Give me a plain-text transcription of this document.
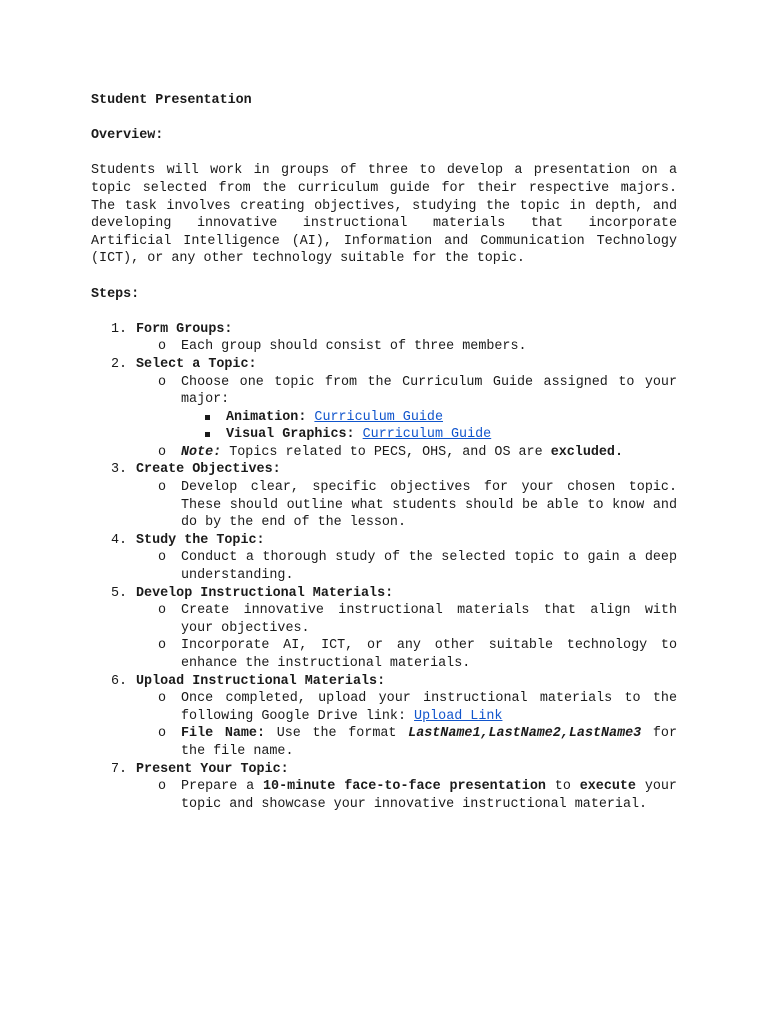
Student Presentation

Overview:

Students will work in groups of three to develop a presentation on a topic selected from the curriculum guide for their respective majors. The task involves creating objectives, studying the topic in depth, and developing innovative instructional materials that incorporate Artificial Intelligence (AI), Information and Communication Technology (ICT), or any other technology suitable for the topic.

Steps:

1. Form Groups:
o Each group should consist of three members.
2. Select a Topic:
o Choose one topic from the Curriculum Guide assigned to your major:
Animation: Curriculum Guide
Visual Graphics: Curriculum Guide
o Note: Topics related to PECS, OHS, and OS are excluded.
3. Create Objectives:
o Develop clear, specific objectives for your chosen topic. These should outline what students should be able to know and do by the end of the lesson.
4. Study the Topic:
o Conduct a thorough study of the selected topic to gain a deep understanding.
5. Develop Instructional Materials:
o Create innovative instructional materials that align with your objectives.
o Incorporate AI, ICT, or any other suitable technology to enhance the instructional materials.
6. Upload Instructional Materials:
o Once completed, upload your instructional materials to the following Google Drive link: Upload Link
o File Name: Use the format LastName1,LastName2,LastName3 for the file name.
7. Present Your Topic:
o Prepare a 10-minute face-to-face presentation to execute your topic and showcase your innovative instructional material.
